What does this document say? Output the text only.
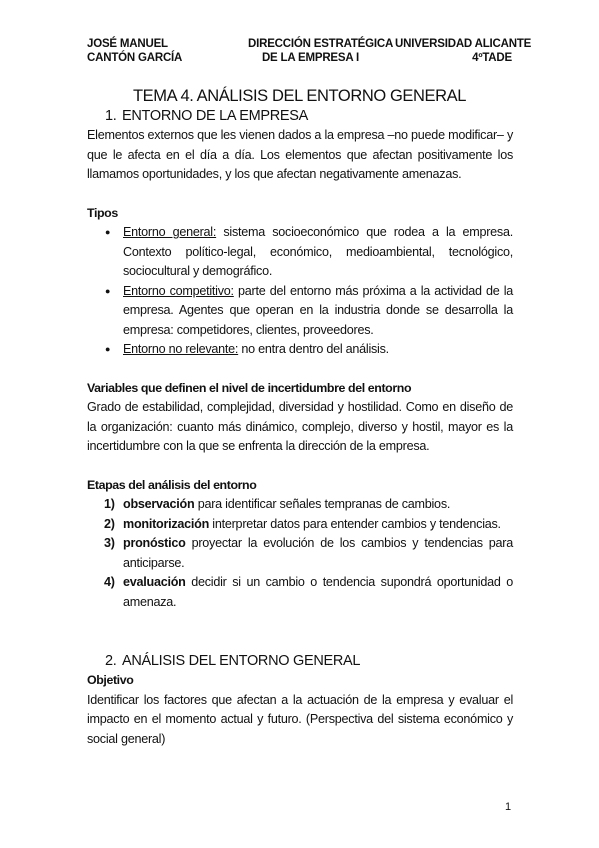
JOSÉ MANUEL
CANTÓN GARCÍA
DIRECCIÓN ESTRATÉGICA
DE LA EMPRESA I
UNIVERSIDAD ALICANTE
4ºTADE
TEMA 4. ANÁLISIS DEL ENTORNO GENERAL
1. ENTORNO DE LA EMPRESA

Elementos externos que les vienen dados a la empresa –no puede modificar– y que le afecta en el día a día. Los elementos que afectan positivamente los llamamos oportunidades, y los que afectan negativamente amenazas.

Tipos
● Entorno general: sistema socioeconómico que rodea a la empresa. Contexto político-legal, económico, medioambiental, tecnológico, sociocultural y demográfico.
● Entorno competitivo: parte del entorno más próxima a la actividad de la empresa. Agentes que operan en la industria donde se desarrolla la empresa: competidores, clientes, proveedores.
● Entorno no relevante: no entra dentro del análisis.
Variables que definen el nivel de incertidumbre del entorno

Grado de estabilidad, complejidad, diversidad y hostilidad. Como en diseño de la organización: cuanto más dinámico, complejo, diverso y hostil, mayor es la incertidumbre con la que se enfrenta la dirección de la empresa.

Etapas del análisis del entorno
1) observación para identificar señales tempranas de cambios.
2) monitorización interpretar datos para entender cambios y tendencias.
3) pronóstico proyectar la evolución de los cambios y tendencias para anticiparse.
4) evaluación decidir si un cambio o tendencia supondrá oportunidad o amenaza.
2. ANÁLISIS DEL ENTORNO GENERAL
Objetivo

Identificar los factores que afectan a la actuación de la empresa y evaluar el impacto en el momento actual y futuro. (Perspectiva del sistema económico y social general)

1
